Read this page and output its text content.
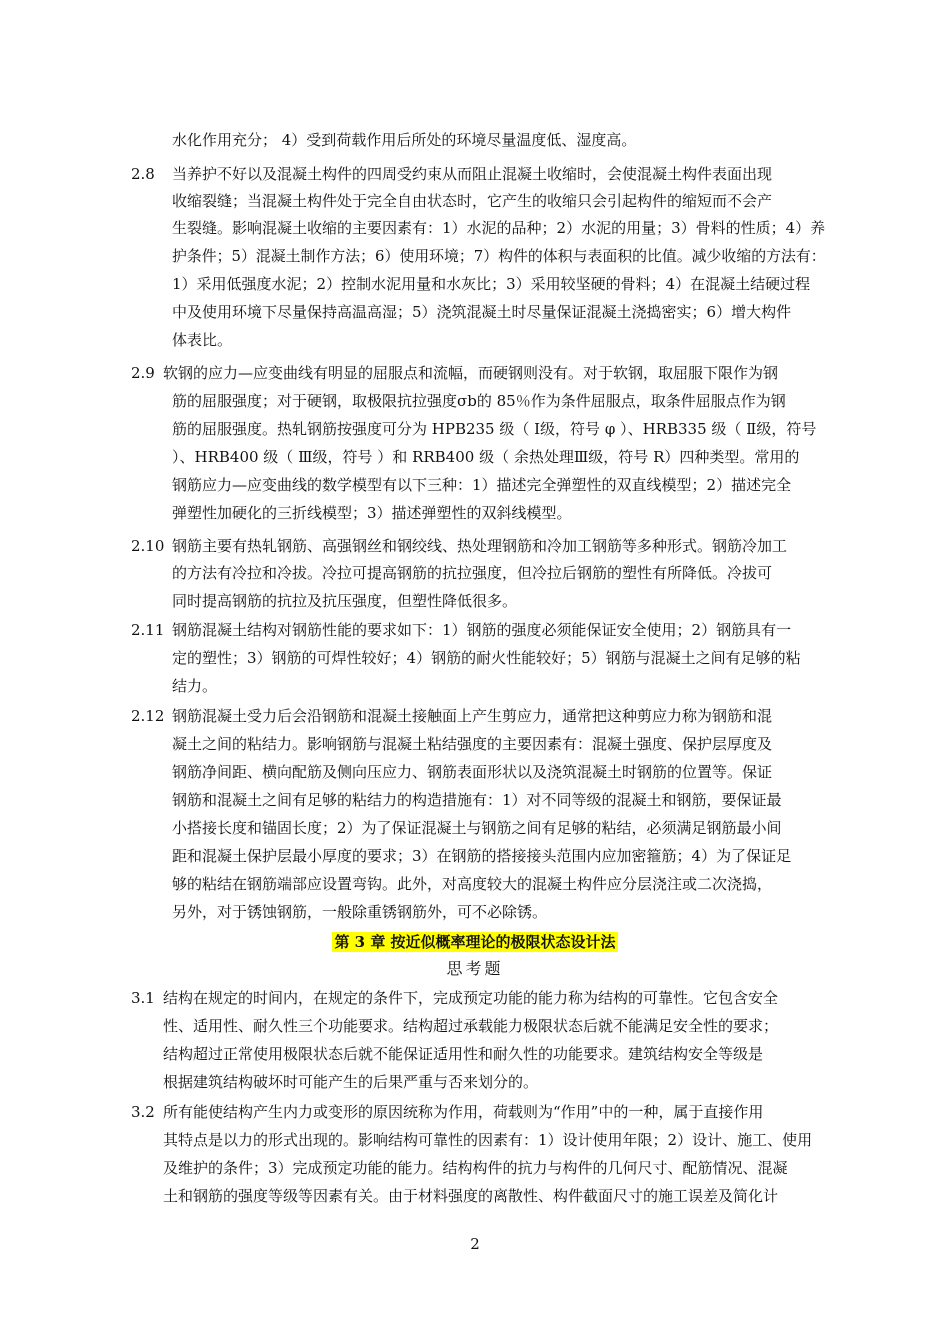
水化作用充分； 4）受到荷载作用后所处的环境尽量温度低、湿度高。
2.8 当养护不好以及混凝土构件的四周受约束从而阻止混凝土收缩时，会使混凝土构件表面出现
收缩裂缝；当混凝土构件处于完全自由状态时，它产生的收缩只会引起构件的缩短而不会产
生裂缝。影响混凝土收缩的主要因素有：1）水泥的品种；2）水泥的用量；3）骨料的性质；4）养
护条件；5）混凝土制作方法；6）使用环境；7）构件的体积与表面积的比值。减少收缩的方法有：
1）采用低强度水泥；2）控制水泥用量和水灰比；3）采用较坚硬的骨料；4）在混凝土结硬过程
中及使用环境下尽量保持高温高湿；5）浇筑混凝土时尽量保证混凝土浇捣密实；6）增大构件
体表比。
2.9 软钢的应力—应变曲线有明显的屈服点和流幅，而硬钢则没有。对于软钢，取屈服下限作为钢
筋的屈服强度；对于硬钢，取极限抗拉强度σb的 85％作为条件屈服点，取条件屈服点作为钢
筋的屈服强度。热轧钢筋按强度可分为 HPB235 级（ Ⅰ级，符号 φ ）、HRB335 级（ Ⅱ级，符号
）、HRB400 级（ Ⅲ级，符号 ）和 RRB400 级（ 余热处理Ⅲ级，符号 R）四种类型。常用的
钢筋应力—应变曲线的数学模型有以下三种：1）描述完全弹塑性的双直线模型；2）描述完全
弹塑性加硬化的三折线模型；3）描述弹塑性的双斜线模型。
2.10 钢筋主要有热轧钢筋、高强钢丝和钢绞线、热处理钢筋和冷加工钢筋等多种形式。钢筋冷加工
的方法有冷拉和冷拔。冷拉可提高钢筋的抗拉强度，但冷拉后钢筋的塑性有所降低。冷拔可
同时提高钢筋的抗拉及抗压强度，但塑性降低很多。
2.11 钢筋混凝土结构对钢筋性能的要求如下：1）钢筋的强度必须能保证安全使用；2）钢筋具有一
定的塑性；3）钢筋的可焊性较好；4）钢筋的耐火性能较好；5）钢筋与混凝土之间有足够的粘
结力。
2.12 钢筋混凝土受力后会沿钢筋和混凝土接触面上产生剪应力，通常把这种剪应力称为钢筋和混
凝土之间的粘结力。影响钢筋与混凝土粘结强度的主要因素有：混凝土强度、保护层厚度及
钢筋净间距、横向配筋及侧向压应力、钢筋表面形状以及浇筑混凝土时钢筋的位置等。保证
钢筋和混凝土之间有足够的粘结力的构造措施有：1）对不同等级的混凝土和钢筋，要保证最
小搭接长度和锚固长度；2）为了保证混凝土与钢筋之间有足够的粘结，必须满足钢筋最小间
距和混凝土保护层最小厚度的要求；3）在钢筋的搭接接头范围内应加密箍筋；4）为了保证足
够的粘结在钢筋端部应设置弯钩。此外，对高度较大的混凝土构件应分层浇注或二次浇捣，
另外，对于锈蚀钢筋，一般除重锈钢筋外，可不必除锈。
第 3 章 按近似概率理论的极限状态设计法
思考题
3.1 结构在规定的时间内，在规定的条件下，完成预定功能的能力称为结构的可靠性。它包含安全
性、适用性、耐久性三个功能要求。结构超过承载能力极限状态后就不能满足安全性的要求；
结构超过正常使用极限状态后就不能保证适用性和耐久性的功能要求。建筑结构安全等级是
根据建筑结构破坏时可能产生的后果严重与否来划分的。
3.2 所有能使结构产生内力或变形的原因统称为作用，荷载则为“作用”中的一种，属于直接作用
其特点是以力的形式出现的。影响结构可靠性的因素有：1）设计使用年限；2）设计、施工、使用
及维护的条件；3）完成预定功能的能力。结构构件的抗力与构件的几何尺寸、配筋情况、混凝
土和钢筋的强度等级等因素有关。由于材料强度的离散性、构件截面尺寸的施工误差及简化计
2
